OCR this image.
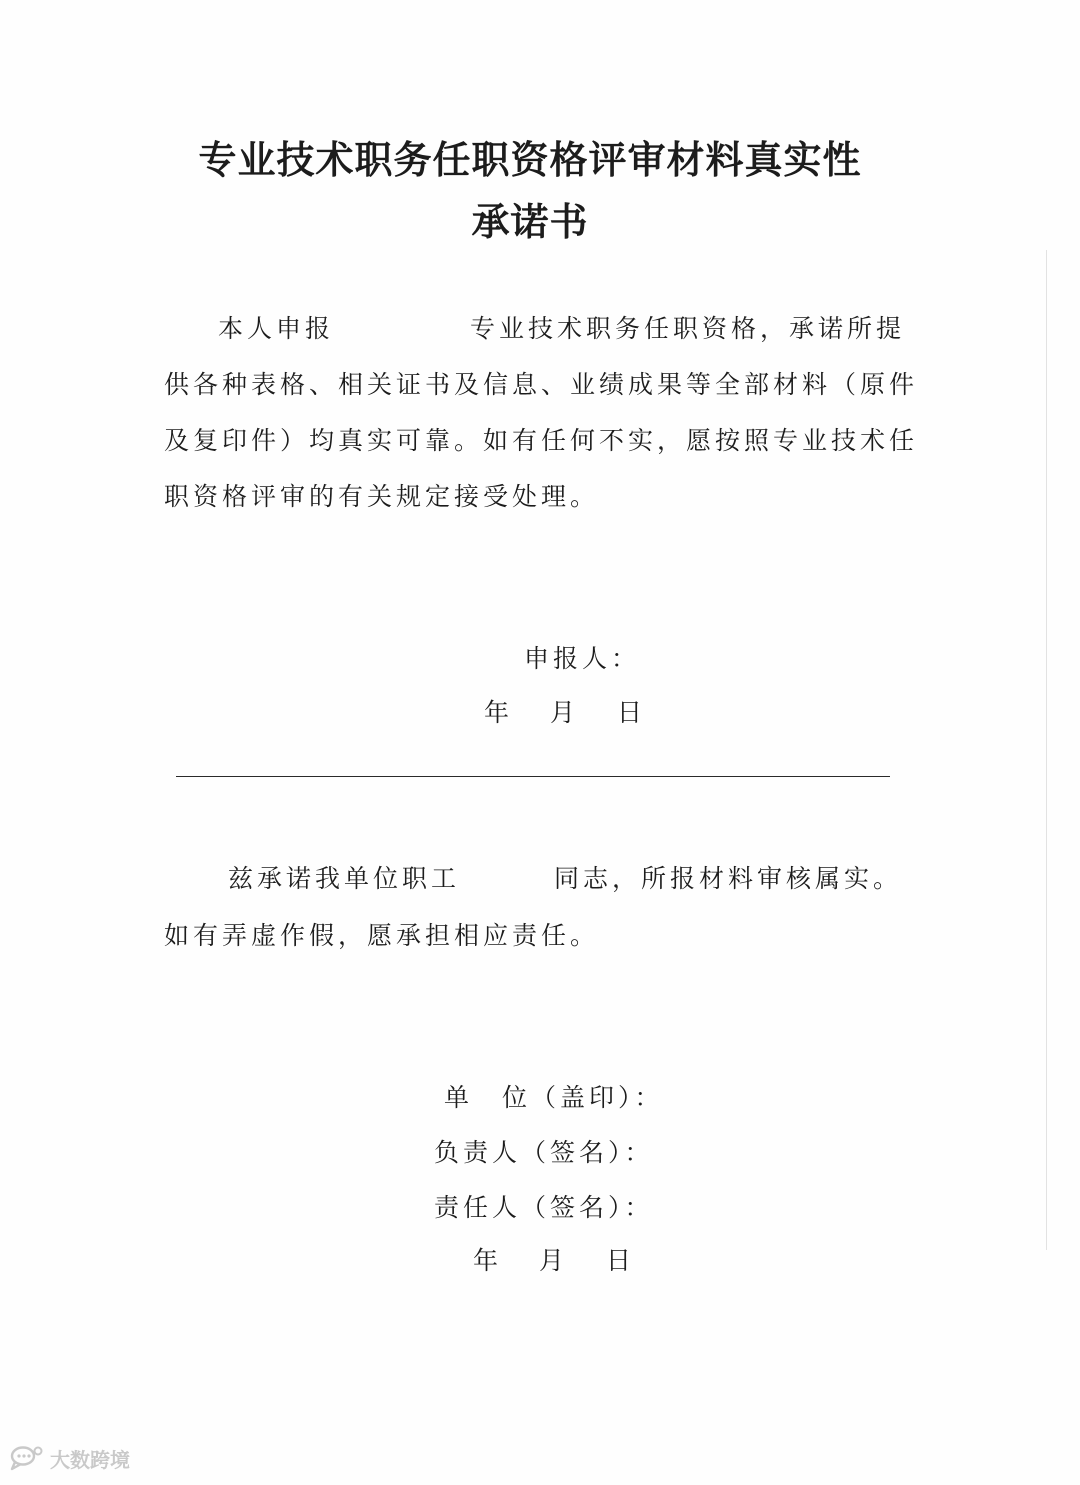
专业技术职务任职资格评审材料真实性
承诺书
本人申报	专业技术职务任职资格，承诺所提
供各种表格、相关证书及信息、业绩成果等全部材料（原件
及复印件）均真实可靠。如有任何不实，愿按照专业技术任
职资格评审的有关规定接受处理。
申报人：
年 月 日
兹承诺我单位职工	同志，所报材料审核属实。
如有弄虚作假，愿承担相应责任。
单　位（盖印）：
负责人（签名）：
责任人（签名）：
年 月 日
大数跨境
